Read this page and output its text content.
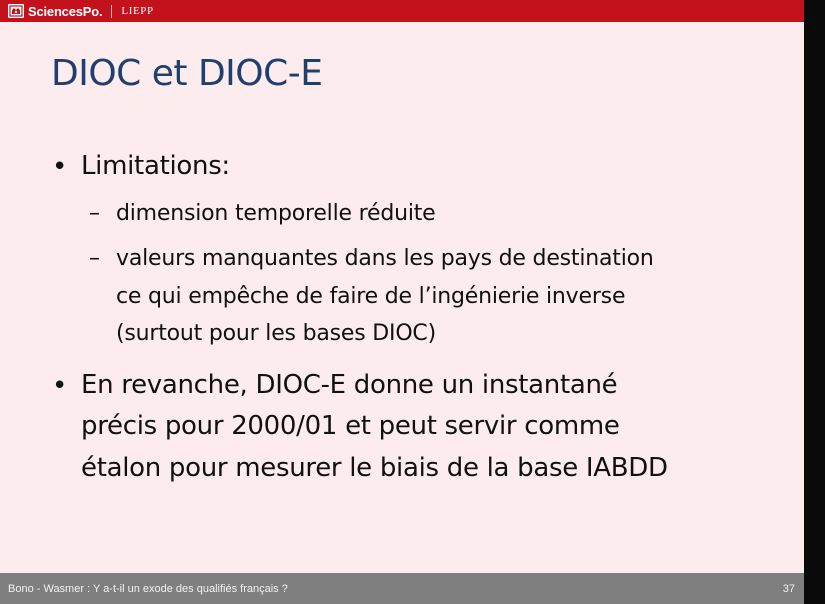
SciencesPo. LIEPP
DIOC et DIOC-E
• Limitations:
– dimension temporelle réduite
– valeurs manquantes dans les pays de destination
ce qui empêche de faire de l’ingénierie inverse
(surtout pour les bases DIOC)
• En revanche, DIOC-E donne un instantané
précis pour 2000/01 et peut servir comme
étalon pour mesurer le biais de la base IABDD
Bono - Wasmer : Y a-t-il un exode des qualifiés français ?	37
